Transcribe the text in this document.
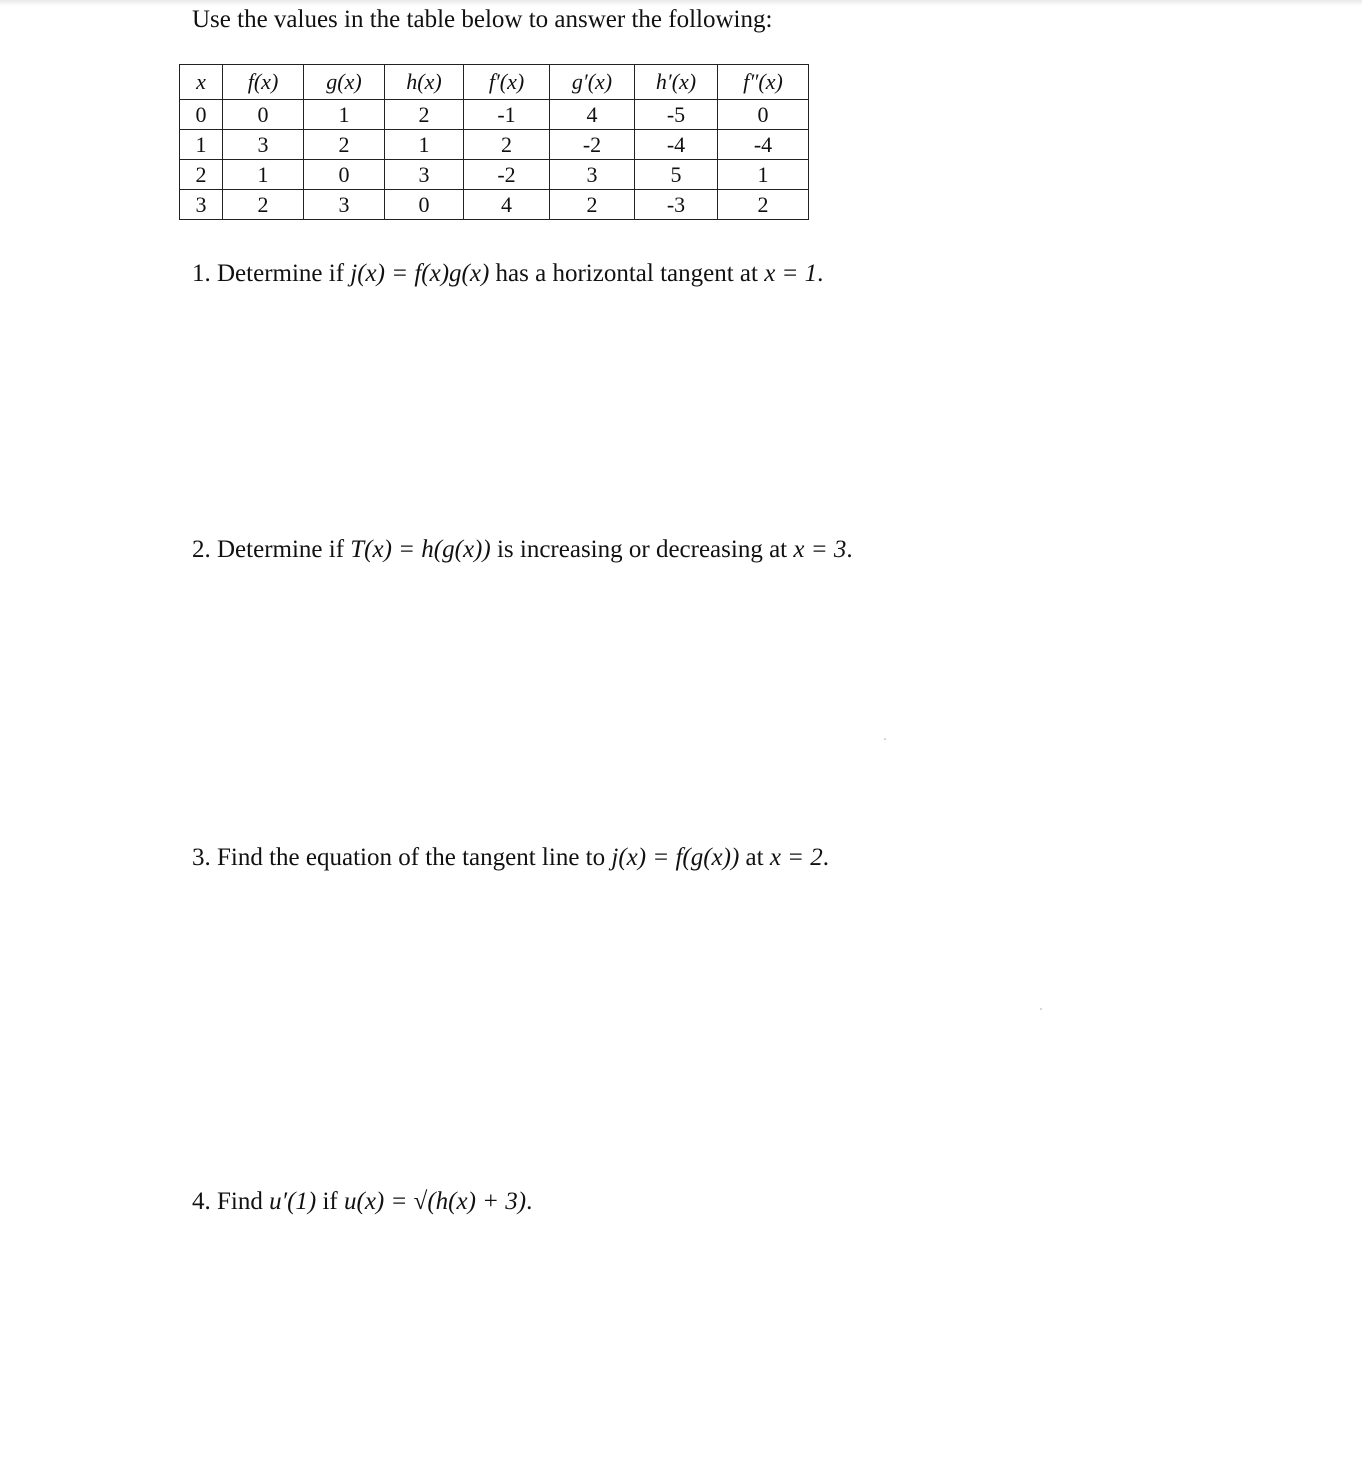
Use the values in the table below to answer the following:
x	f(x)	g(x)	h(x)	f′(x)	g′(x)	h′(x)	f″(x)
0	0	1	2	-1	4	-5	0
1	3	2	1	2	-2	-4	-4
2	1	0	3	-2	3	5	1
3	2	3	0	4	2	-3	2
1. Determine if j(x) = f(x)g(x) has a horizontal tangent at x = 1.
2. Determine if T(x) = h(g(x)) is increasing or decreasing at x = 3.
3. Find the equation of the tangent line to j(x) = f(g(x)) at x = 2.
4. Find u′(1) if u(x) = √(h(x) + 3).
